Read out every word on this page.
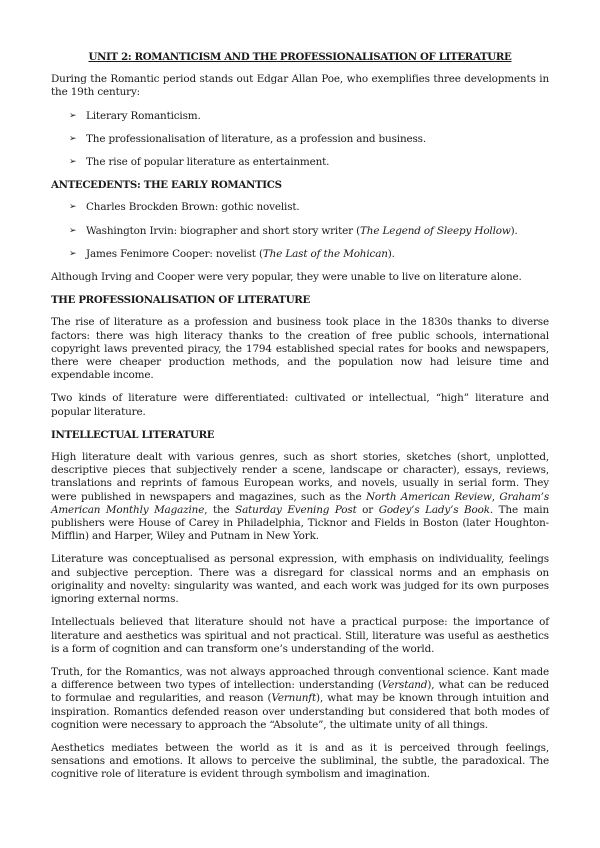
UNIT 2: ROMANTICISM AND THE PROFESSIONALISATION OF LITERATURE

During the Romantic period stands out Edgar Allan Poe, who exemplifies three developments in the 19th century:

➢ Literary Romanticism.
➢ The professionalisation of literature, as a profession and business.
➢ The rise of popular literature as entertainment.
ANTECEDENTS: THE EARLY ROMANTICS
➢ Charles Brockden Brown: gothic novelist.
➢ Washington Irvin: biographer and short story writer (The Legend of Sleepy Hollow).
➢ James Fenimore Cooper: novelist (The Last of the Mohican).

Although Irving and Cooper were very popular, they were unable to live on literature alone.

THE PROFESSIONALISATION OF LITERATURE

The rise of literature as a profession and business took place in the 1830s thanks to diverse factors: there was high literacy thanks to the creation of free public schools, international copyright laws prevented piracy, the 1794 established special rates for books and newspapers, there were cheaper production methods, and the population now had leisure time and expendable income.

Two kinds of literature were differentiated: cultivated or intellectual, “high” literature and popular literature.

INTELLECTUAL LITERATURE

High literature dealt with various genres, such as short stories, sketches (short, unplotted, descriptive pieces that subjectively render a scene, landscape or character), essays, reviews, translations and reprints of famous European works, and novels, usually in serial form. They were published in newspapers and magazines, such as the North American Review, Graham’s American Monthly Magazine, the Saturday Evening Post or Godey’s Lady’s Book. The main publishers were House of Carey in Philadelphia, Ticknor and Fields in Boston (later Houghton-Mifflin) and Harper, Wiley and Putnam in New York.

Literature was conceptualised as personal expression, with emphasis on individuality, feelings and subjective perception. There was a disregard for classical norms and an emphasis on originality and novelty: singularity was wanted, and each work was judged for its own purposes ignoring external norms.

Intellectuals believed that literature should not have a practical purpose: the importance of literature and aesthetics was spiritual and not practical. Still, literature was useful as aesthetics is a form of cognition and can transform one’s understanding of the world.

Truth, for the Romantics, was not always approached through conventional science. Kant made a difference between two types of intellection: understanding (Verstand), what can be reduced to formulae and regularities, and reason (Vernunft), what may be known through intuition and inspiration. Romantics defended reason over understanding but considered that both modes of cognition were necessary to approach the “Absolute”, the ultimate unity of all things.

Aesthetics mediates between the world as it is and as it is perceived through feelings, sensations and emotions. It allows to perceive the subliminal, the subtle, the paradoxical. The cognitive role of literature is evident through symbolism and imagination.
